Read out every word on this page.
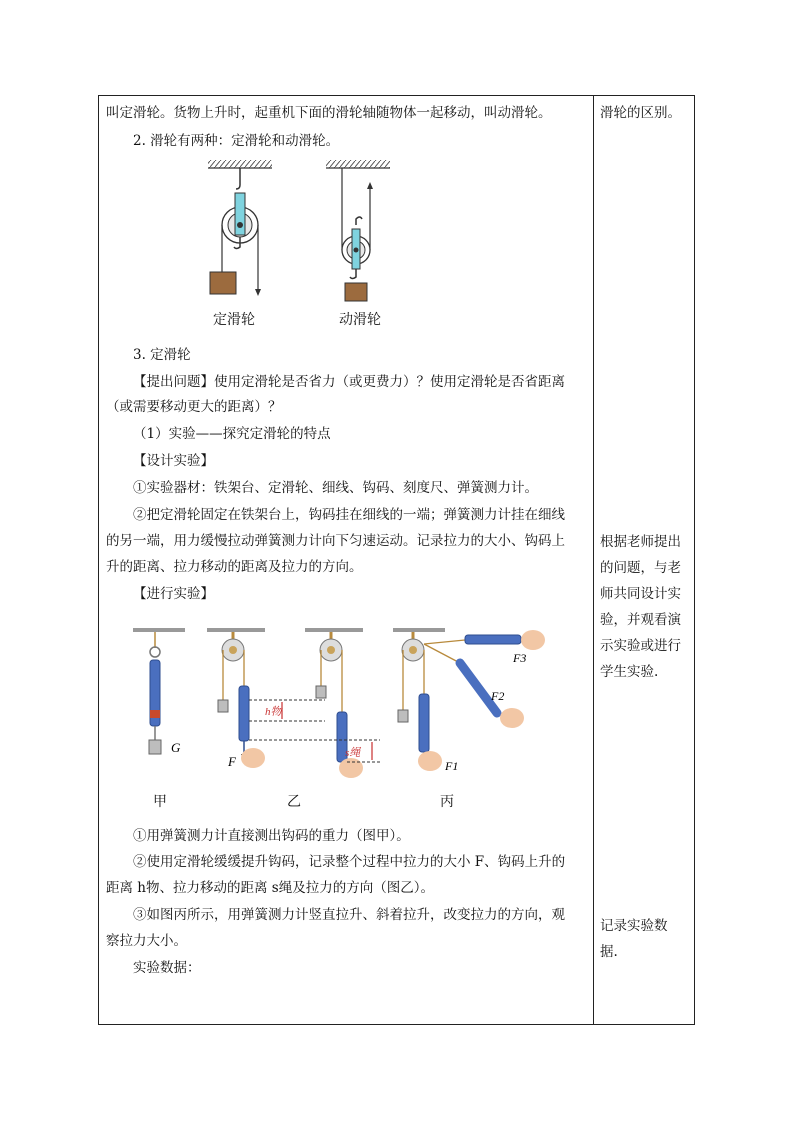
叫定滑轮。货物上升时，起重机下面的滑轮轴随物体一起移动，叫动滑轮。
2. 滑轮有两种：定滑轮和动滑轮。
定滑轮	动滑轮
3. 定滑轮
【提出问题】使用定滑轮是否省力（或更费力）？使用定滑轮是否省距离
（或需要移动更大的距离）？
（1）实验——探究定滑轮的特点
【设计实验】
①实验器材：铁架台、定滑轮、细线、钩码、刻度尺、弹簧测力计。
②把定滑轮固定在铁架台上，钩码挂在细线的一端；弹簧测力计挂在细线
的另一端，用力缓慢拉动弹簧测力计向下匀速运动。记录拉力的大小、钩码上
升的距离、拉力移动的距离及拉力的方向。
【进行实验】
G
F
h物
s绳
F1
F3
F2
甲	乙	丙
①用弹簧测力计直接测出钩码的重力（图甲）。
②使用定滑轮缓缓提升钩码，记录整个过程中拉力的大小 F、钩码上升的
距离 h物、拉力移动的距离 s绳及拉力的方向（图乙）。
③如图丙所示，用弹簧测力计竖直拉升、斜着拉升，改变拉力的方向，观
察拉力大小。
实验数据：
滑轮的区别。
根据老师提出
的问题，与老
师共同设计实
验，并观看演
示实验或进行
学生实验.
记录实验数
据.
